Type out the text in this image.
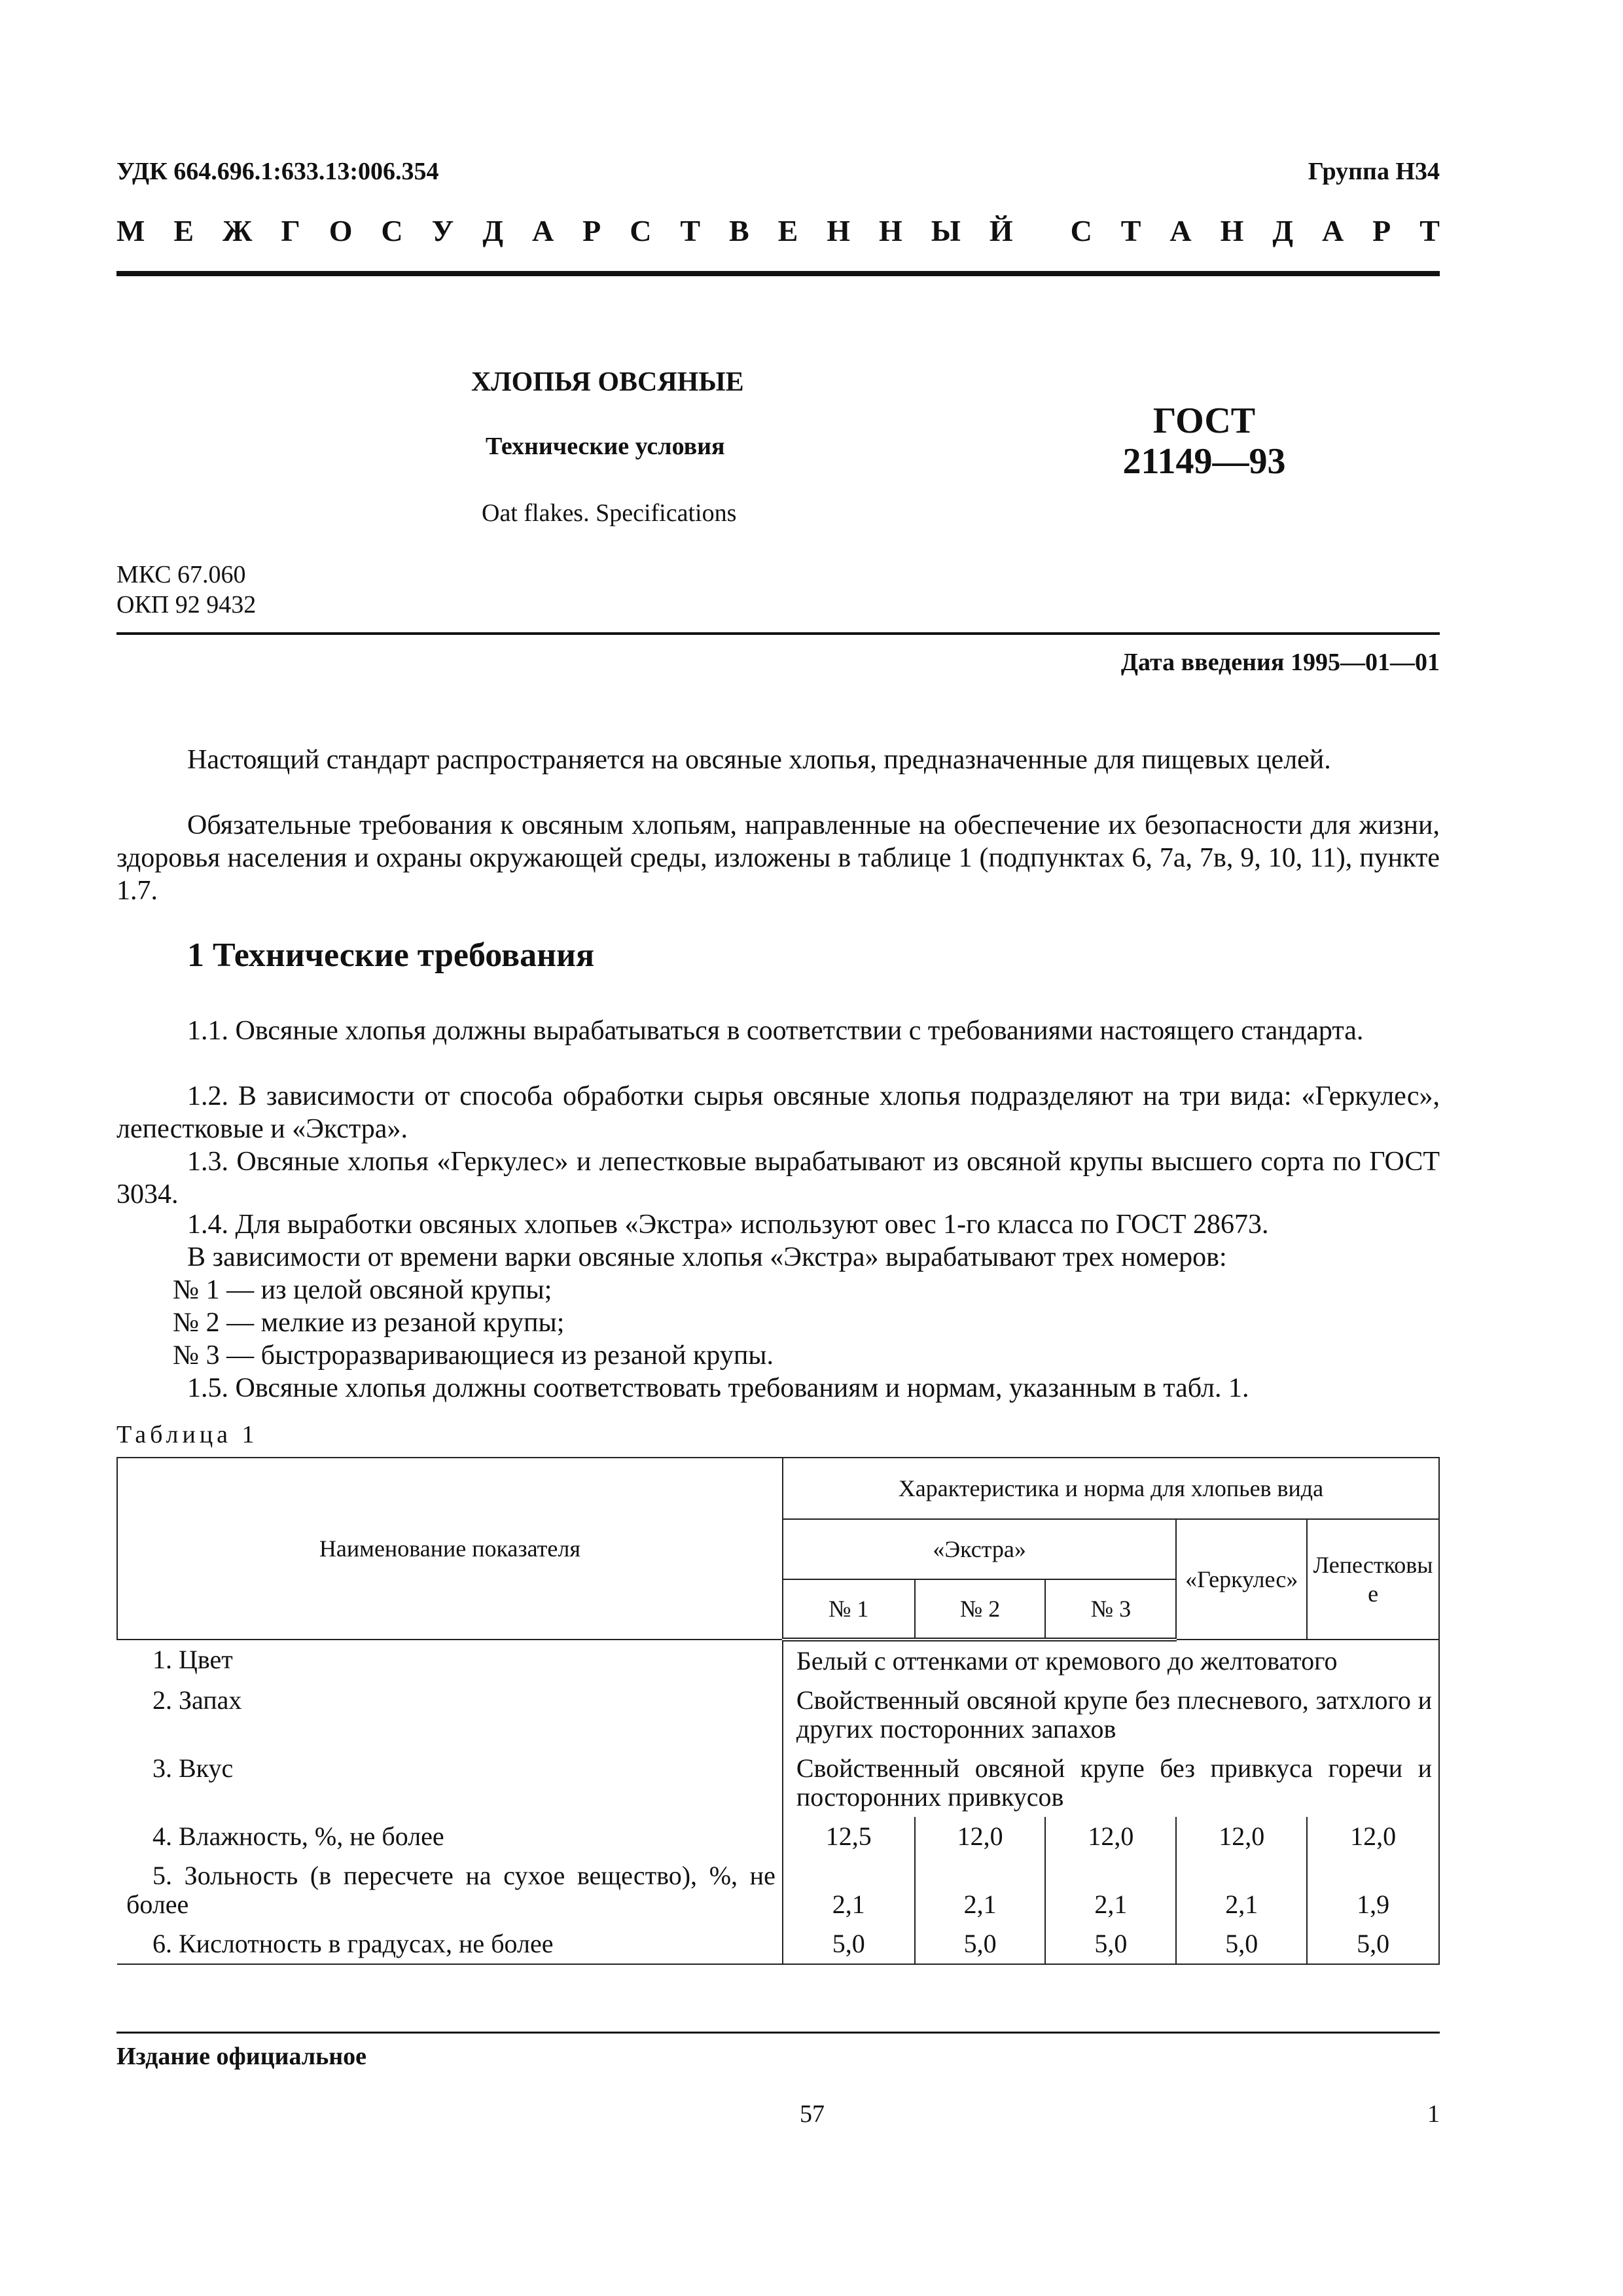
УДК 664.696.1:633.13:006.354	Группа Н34
М Е Ж Г О С У Д А Р С Т В Е Н Н Ы Й С Т А Н Д А Р Т
ХЛОПЬЯ ОВСЯНЫЕ
Технические условия
Oat flakes. Specifications
ГОСТ
21149—93
МКС 67.060
ОКП 92 9432
Дата введения 1995—01—01
Настоящий стандарт распространяется на овсяные хлопья, предназначенные для пищевых целей.
Обязательные требования к овсяным хлопьям, направленные на обеспечение их безопасности для жизни, здоровья населения и охраны окружающей среды, изложены в таблице 1 (подпунктах 6, 7а, 7в, 9, 10, 11), пункте 1.7.
1 Технические требования
1.1. Овсяные хлопья должны вырабатываться в соответствии с требованиями настоящего стандарта.
1.2. В зависимости от способа обработки сырья овсяные хлопья подразделяют на три вида: «Геркулес», лепестковые и «Экстра».
1.3. Овсяные хлопья «Геркулес» и лепестковые вырабатывают из овсяной крупы высшего сорта по ГОСТ 3034.
1.4. Для выработки овсяных хлопьев «Экстра» используют овес 1-го класса по ГОСТ 28673.
В зависимости от времени варки овсяные хлопья «Экстра» вырабатывают трех номеров:
№ 1 — из целой овсяной крупы;
№ 2 — мелкие из резаной крупы;
№ 3 — быстроразваривающиеся из резаной крупы.
1.5. Овсяные хлопья должны соответствовать требованиям и нормам, указанным в табл. 1.
Таблица 1
Наименование показателя	Характеристика и норма для хлопьев вида				
	«Экстра»			«Геркулес»	Лепестковые
	№ 1	№ 2	№ 3		
1. Цвет	Белый с оттенками от кремового до желтоватого				
2. Запах	Свойственный овсяной крупе без плесневого, затхлого и других посторонних запахов				
3. Вкус	Свойственный овсяной крупе без привкуса горечи и посторонних привкусов				
4. Влажность, %, не более	12,5	12,0	12,0	12,0	12,0
5. Зольность (в пересчете на сухое вещество), %, не более	2,1	2,1	2,1	2,1	1,9
6. Кислотность в градусах, не более	5,0	5,0	5,0	5,0	5,0
Издание официальное
57	1
